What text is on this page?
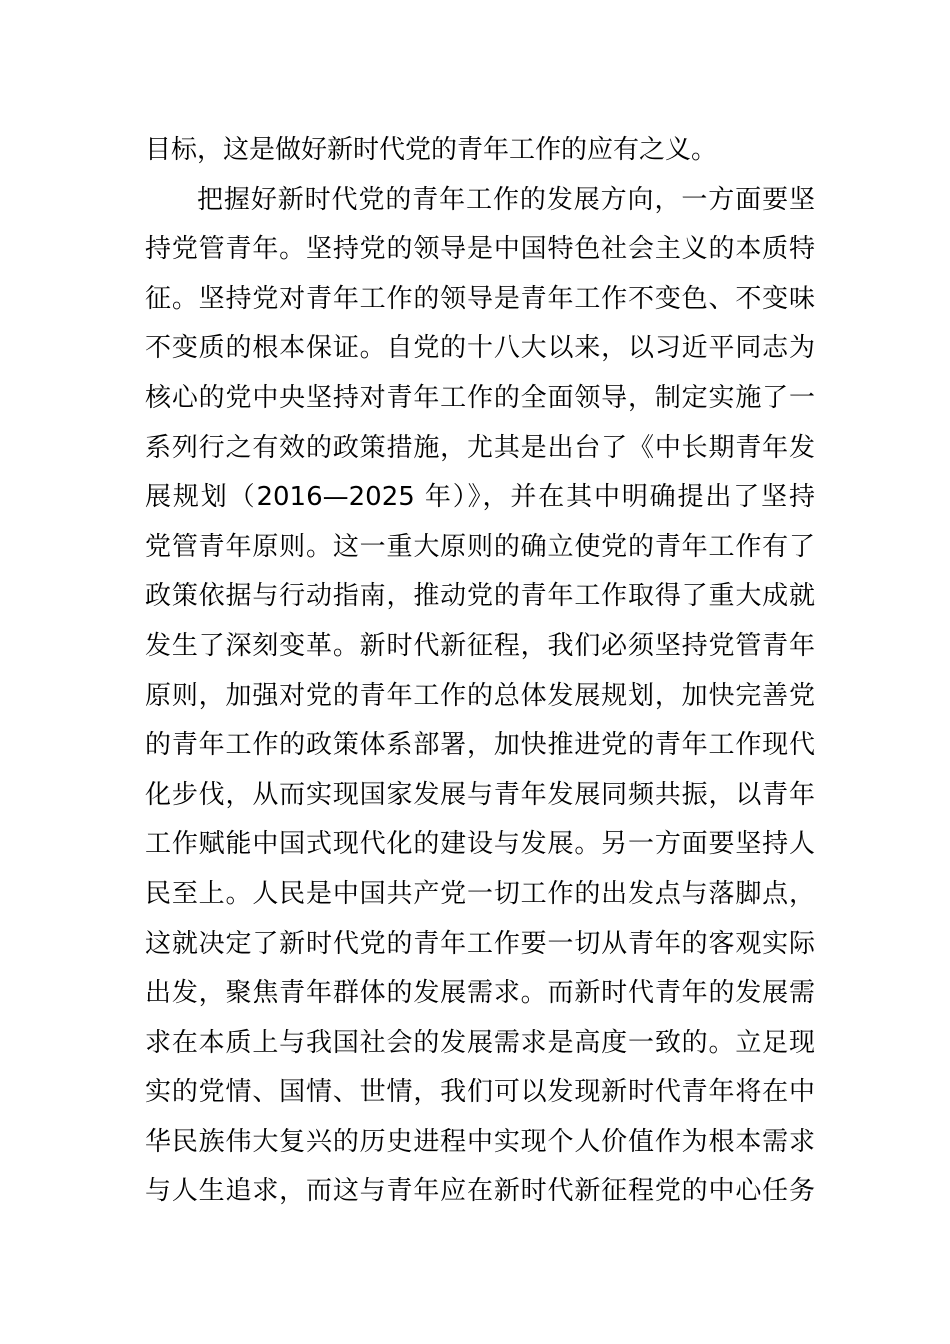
目标，这是做好新时代党的青年工作的应有之义。
把握好新时代党的青年工作的发展方向，一方面要坚
持党管青年。坚持党的领导是中国特色社会主义的本质特
征。坚持党对青年工作的领导是青年工作不变色、不变味
不变质的根本保证。自党的十八大以来，以习近平同志为
核心的党中央坚持对青年工作的全面领导，制定实施了一
系列行之有效的政策措施，尤其是出台了《中长期青年发
展规划（2016—2025 年）》，并在其中明确提出了坚持
党管青年原则。这一重大原则的确立使党的青年工作有了
政策依据与行动指南，推动党的青年工作取得了重大成就
发生了深刻变革。新时代新征程，我们必须坚持党管青年
原则，加强对党的青年工作的总体发展规划，加快完善党
的青年工作的政策体系部署，加快推进党的青年工作现代
化步伐，从而实现国家发展与青年发展同频共振，以青年
工作赋能中国式现代化的建设与发展。另一方面要坚持人
民至上。人民是中国共产党一切工作的出发点与落脚点，
这就决定了新时代党的青年工作要一切从青年的客观实际
出发，聚焦青年群体的发展需求。而新时代青年的发展需
求在本质上与我国社会的发展需求是高度一致的。立足现
实的党情、国情、世情，我们可以发现新时代青年将在中
华民族伟大复兴的历史进程中实现个人价值作为根本需求
与人生追求，而这与青年应在新时代新征程党的中心任务
